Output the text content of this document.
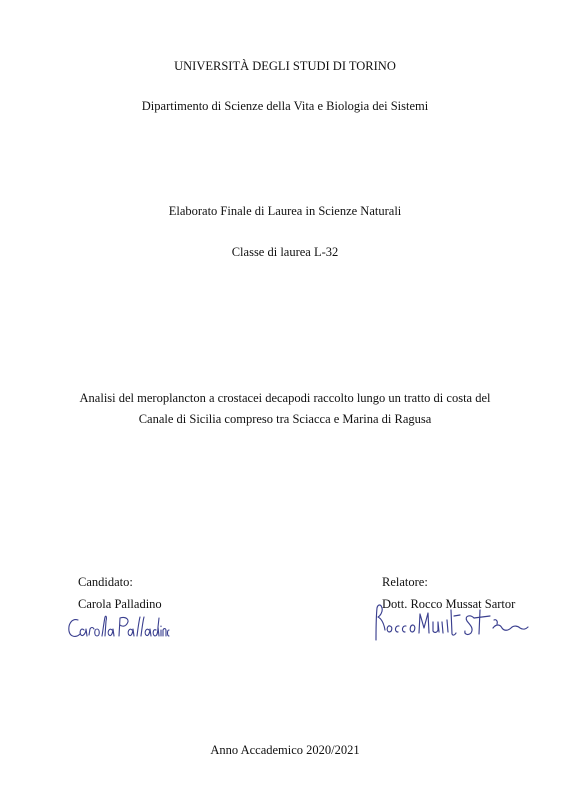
UNIVERSITÀ DEGLI STUDI DI TORINO
Dipartimento di Scienze della Vita e Biologia dei Sistemi
Elaborato Finale di Laurea in Scienze Naturali
Classe di laurea L-32
Analisi del meroplancton a crostacei decapodi raccolto lungo un tratto di costa del Canale di Sicilia compreso tra Sciacca e Marina di Ragusa
Candidato:
Carola Palladino
Relatore:
Dott. Rocco Mussat Sartor
Anno Accademico 2020/2021
